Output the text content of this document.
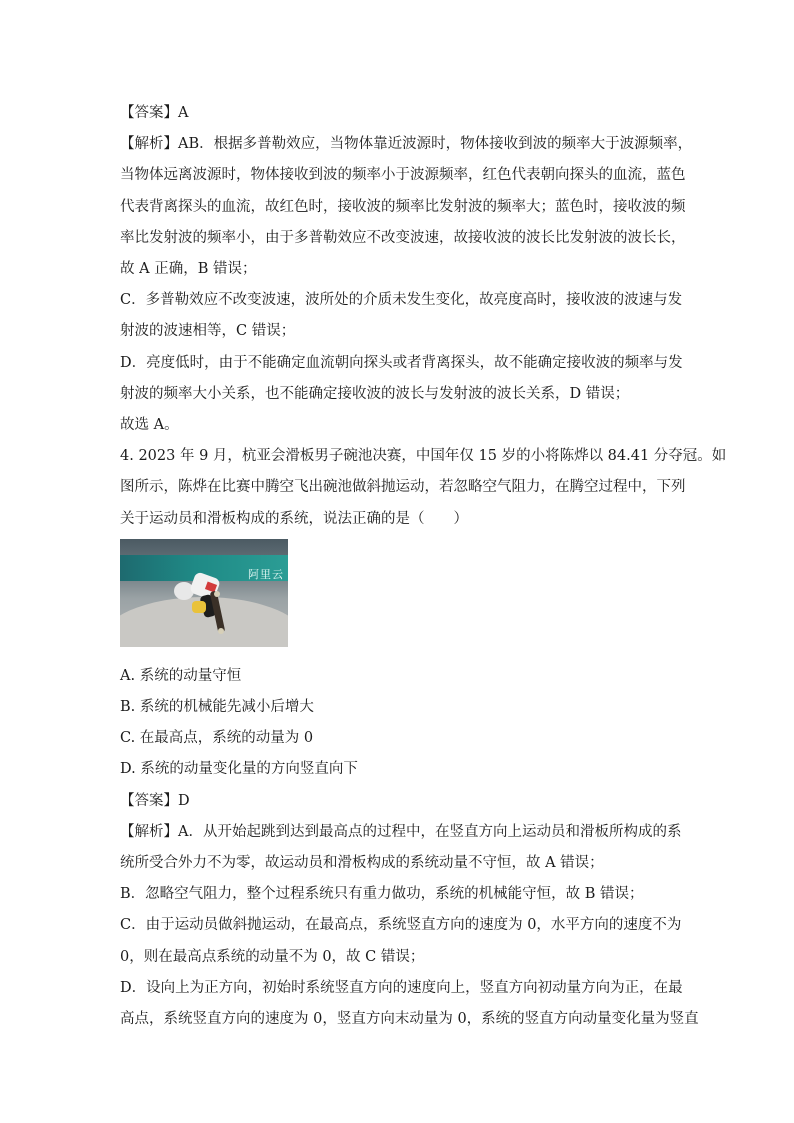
【答案】A

【解析】AB．根据多普勒效应，当物体靠近波源时，物体接收到波的频率大于波源频率，
当物体远离波源时，物体接收到波的频率小于波源频率，红色代表朝向探头的血流，蓝色
代表背离探头的血流，故红色时，接收波的频率比发射波的频率大；蓝色时，接收波的频
率比发射波的频率小，由于多普勒效应不改变波速，故接收波的波长比发射波的波长长，
故 A 正确，B 错误；

C．多普勒效应不改变波速，波所处的介质未发生变化，故亮度高时，接收波的波速与发
射波的波速相等，C 错误；

D．亮度低时，由于不能确定血流朝向探头或者背离探头，故不能确定接收波的频率与发
射波的频率大小关系，也不能确定接收波的波长与发射波的波长关系，D 错误；

故选 A。

4. 2023 年 9 月，杭亚会滑板男子碗池决赛，中国年仅 15 岁的小将陈烨以 84.41 分夺冠。如
图所示，陈烨在比赛中腾空飞出碗池做斜抛运动，若忽略空气阻力，在腾空过程中，下列
关于运动员和滑板构成的系统，说法正确的是（　　）

阿里云

A. 系统的动量守恒

B. 系统的机械能先减小后增大

C. 在最高点，系统的动量为 0

D. 系统的动量变化量的方向竖直向下

【答案】D

【解析】A．从开始起跳到达到最高点的过程中，在竖直方向上运动员和滑板所构成的系
统所受合外力不为零，故运动员和滑板构成的系统动量不守恒，故 A 错误；

B．忽略空气阻力，整个过程系统只有重力做功，系统的机械能守恒，故 B 错误；

C．由于运动员做斜抛运动，在最高点，系统竖直方向的速度为 0，水平方向的速度不为
0，则在最高点系统的动量不为 0，故 C 错误；

D．设向上为正方向，初始时系统竖直方向的速度向上，竖直方向初动量方向为正，在最
高点，系统竖直方向的速度为 0，竖直方向末动量为 0，系统的竖直方向动量变化量为竖直
